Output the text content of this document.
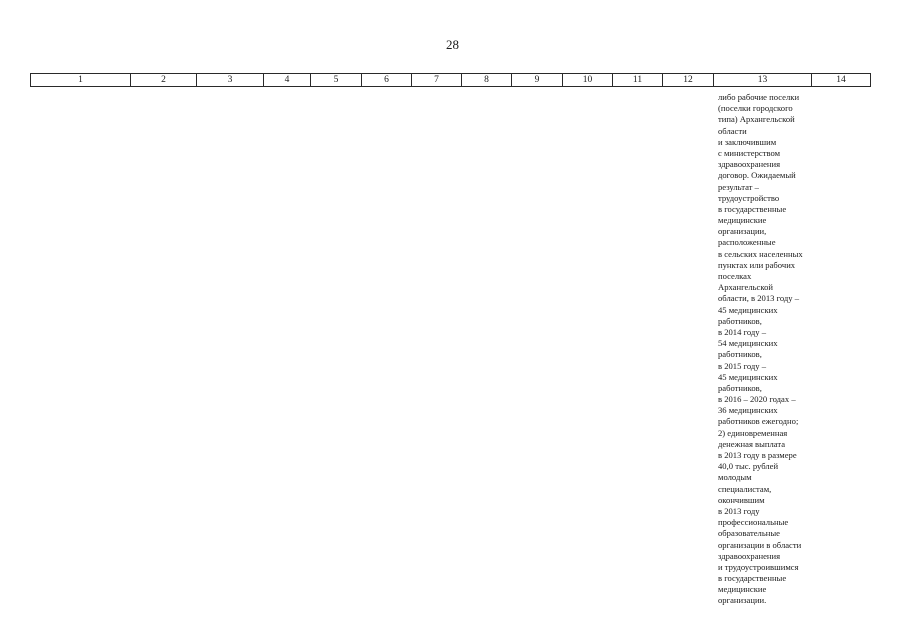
28
1	2	3	4	5	6	7	8	9	10	11	12	13	14
либо рабочие поселки
(поселки городского
типа) Архангельской
области
и заключившим
с министерством
здравоохранения
договор. Ожидаемый
результат –
трудоустройство
в государственные
медицинские
организации,
расположенные
в сельских населенных
пунктах или рабочих
поселках
Архангельской
области, в 2013 году –
45 медицинских
работников,
в 2014 году –
54 медицинских
работников,
в 2015 году –
45 медицинских
работников,
в 2016 – 2020 годах –
36 медицинских
работников ежегодно;
2) единовременная
денежная выплата
в 2013 году в размере
40,0 тыс. рублей
молодым
специалистам,
окончившим
в 2013 году
профессиональные
образовательные
организации в области
здравоохранения
и трудоустроившимся
в государственные
медицинские
организации.
